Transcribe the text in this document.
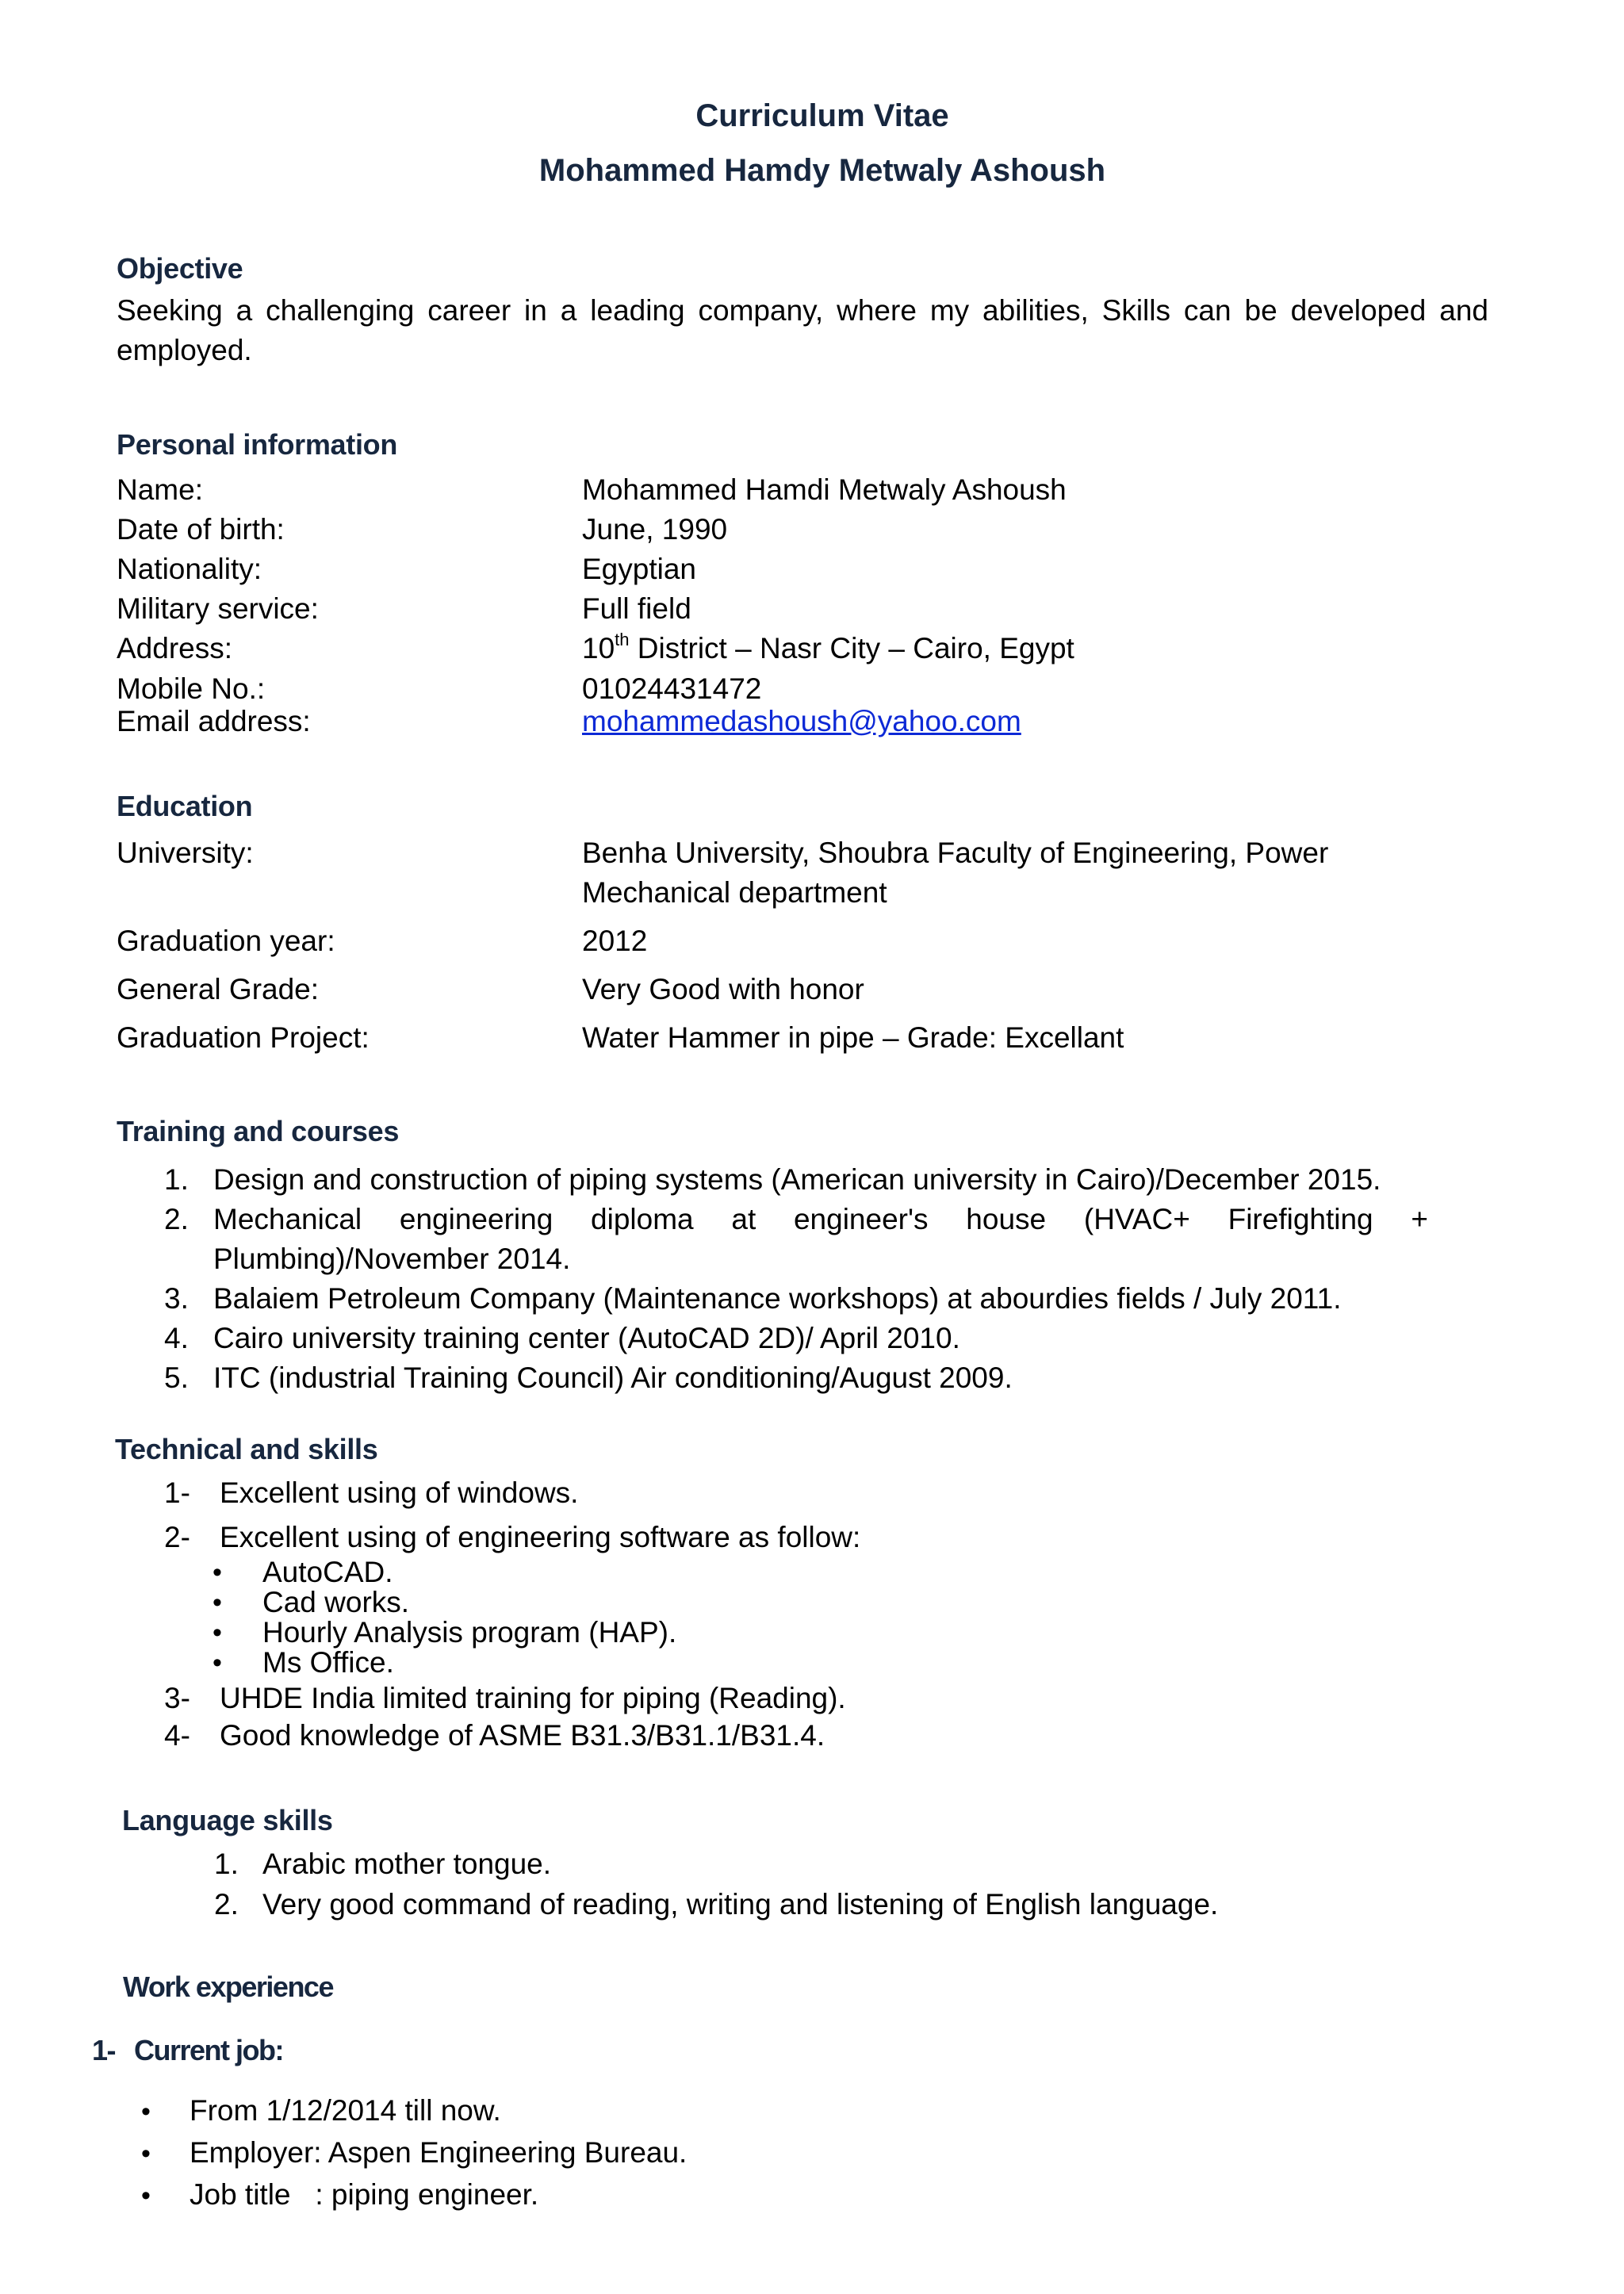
Curriculum Vitae
Mohammed Hamdy Metwaly Ashoush
Objective
Seeking a challenging career in a leading company, where my abilities, Skills can be developed and
employed.
Personal information
Name:	Mohammed Hamdi Metwaly Ashoush
Date of birth:	June, 1990
Nationality:	Egyptian
Military service:	Full field
Address:	10th District – Nasr City – Cairo, Egypt
Mobile No.:	01024431472
Email address:	mohammedashoush@yahoo.com
Education
University:	Benha University, Shoubra Faculty of Engineering, Power
Mechanical department
Graduation year:	2012
General Grade:	Very Good with honor
Graduation Project:	Water Hammer in pipe – Grade: Excellant
Training and courses
1. Design and construction of piping systems (American university in Cairo)/December 2015.
2. Mechanical engineering diploma at engineer's house (HVAC+ Firefighting +
Plumbing)/November 2014.
3. Balaiem Petroleum Company (Maintenance workshops) at abourdies fields / July 2011.
4. Cairo university training center (AutoCAD 2D)/ April 2010.
5. ITC (industrial Training Council) Air conditioning/August 2009.
Technical and skills
1- Excellent using of windows.
2- Excellent using of engineering software as follow:
• AutoCAD.
• Cad works.
• Hourly Analysis program (HAP).
• Ms Office.
3- UHDE India limited training for piping (Reading).
4- Good knowledge of ASME B31.3/B31.1/B31.4.
Language skills
1. Arabic mother tongue.
2. Very good command of reading, writing and listening of English language.
Work experience
1- Current job:
• From 1/12/2014 till now.
• Employer: Aspen Engineering Bureau.
• Job title   : piping engineer.
